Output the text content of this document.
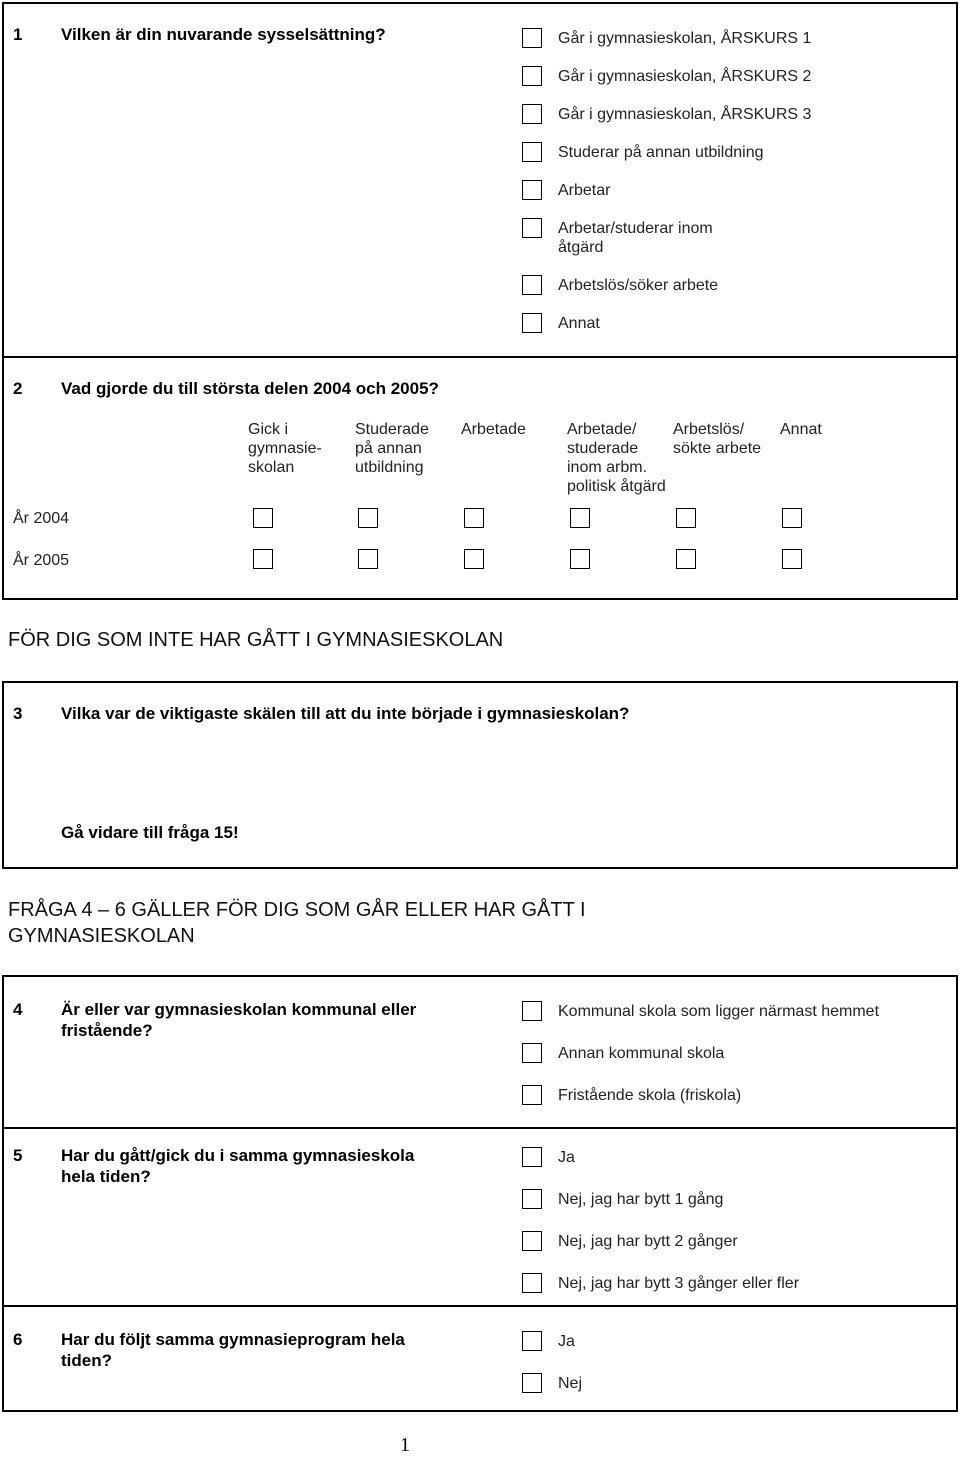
1 Vilken är din nuvarande sysselsättning?	Går i gymnasieskolan, ÅRSKURS 1
Går i gymnasieskolan, ÅRSKURS 2
Går i gymnasieskolan, ÅRSKURS 3
Studerar på annan utbildning
Arbetar
Arbetar/studerar inom
åtgärd
Arbetslös/söker arbete
Annat
2 Vad gjorde du till största delen 2004 och 2005?
Gick i
gymnasie-
skolan
Studerade
på annan
utbildning
Arbetade	Arbetade/
studerade
inom arbm.
politisk åtgärd
Arbetslös/
sökte arbete
Annat
År 2004
År 2005
FÖR DIG SOM INTE HAR GÅTT I GYMNASIESKOLAN
3 Vilka var de viktigaste skälen till att du inte började i gymnasieskolan?
Gå vidare till fråga 15!
FRÅGA 4 – 6 GÄLLER FÖR DIG SOM GÅR ELLER HAR GÅTT I
GYMNASIESKOLAN
4 Är eller var gymnasieskolan kommunal eller
fristående?
Kommunal skola som ligger närmast hemmet
Annan kommunal skola
Fristående skola (friskola)
5 Har du gått/gick du i samma gymnasieskola
hela tiden?
Ja
Nej, jag har bytt 1 gång
Nej, jag har bytt 2 gånger
Nej, jag har bytt 3 gånger eller fler
6 Har du följt samma gymnasieprogram hela
tiden?
Ja
Nej
1
